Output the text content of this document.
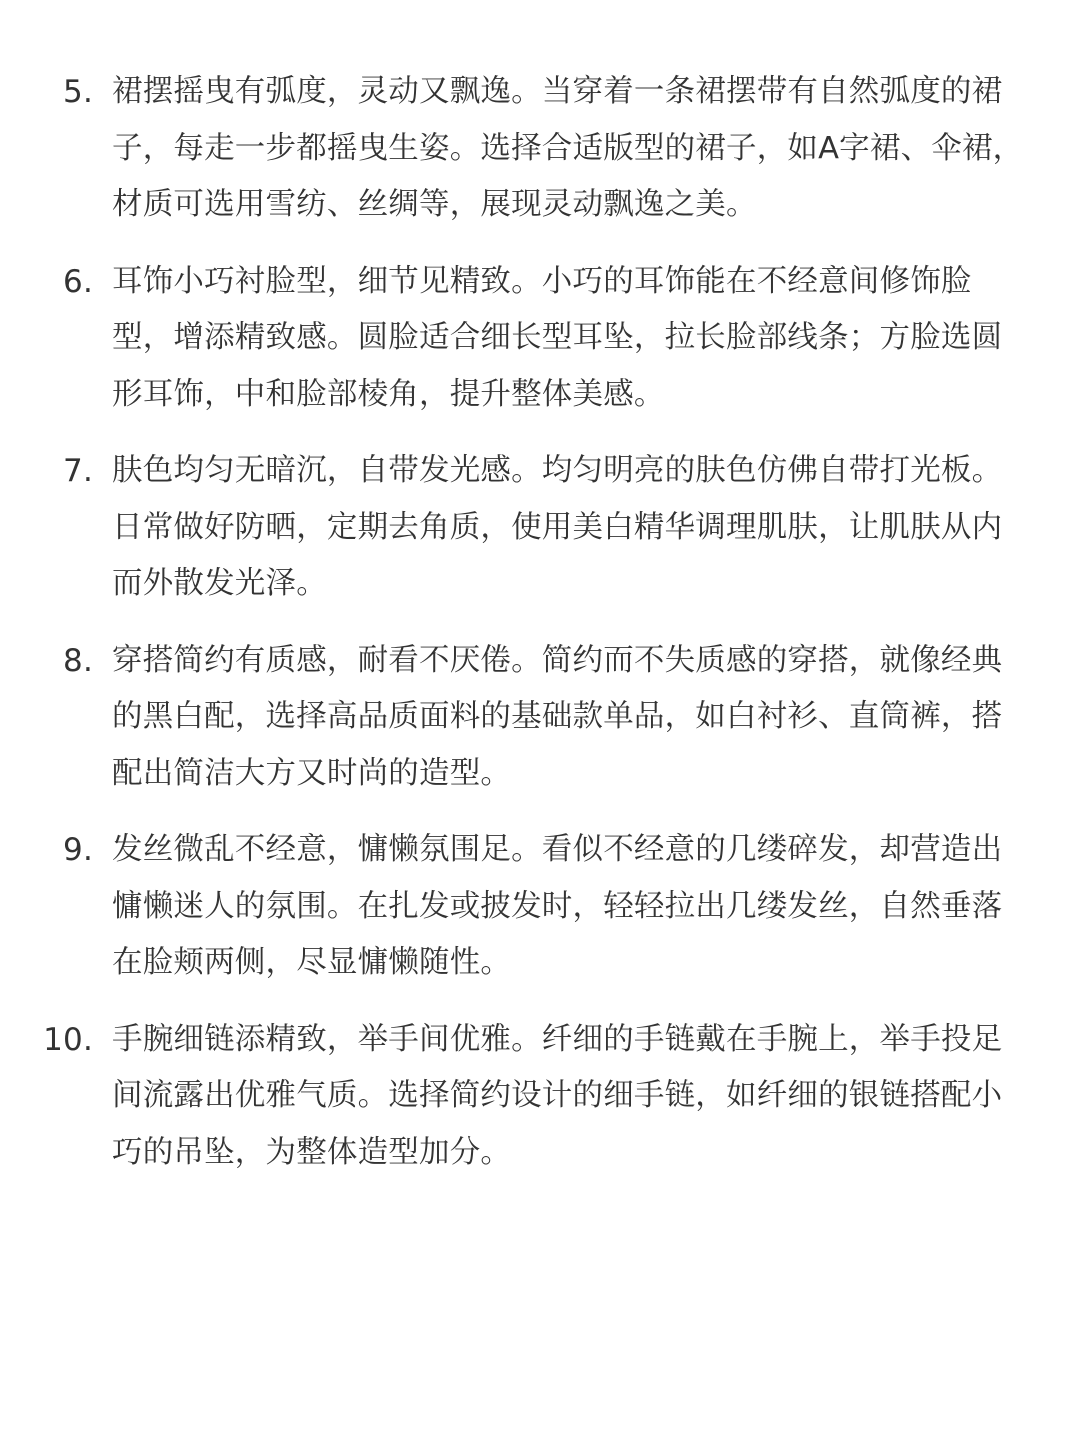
5. 裙摆摇曳有弧度，灵动又飘逸。当穿着一条裙摆带有自然弧度的裙子，每走一步都摇曳生姿。选择合适版型的裙子，如A字裙、伞裙，材质可选用雪纺、丝绸等，展现灵动飘逸之美。
6. 耳饰小巧衬脸型，细节见精致。小巧的耳饰能在不经意间修饰脸型，增添精致感。圆脸适合细长型耳坠，拉长脸部线条；方脸选圆形耳饰，中和脸部棱角，提升整体美感。
7. 肤色均匀无暗沉，自带发光感。均匀明亮的肤色仿佛自带打光板。日常做好防晒，定期去角质，使用美白精华调理肌肤，让肌肤从内而外散发光泽。
8. 穿搭简约有质感，耐看不厌倦。简约而不失质感的穿搭，就像经典的黑白配，选择高品质面料的基础款单品，如白衬衫、直筒裤，搭配出简洁大方又时尚的造型。
9. 发丝微乱不经意，慵懒氛围足。看似不经意的几缕碎发，却营造出慵懒迷人的氛围。在扎发或披发时，轻轻拉出几缕发丝，自然垂落在脸颊两侧，尽显慵懒随性。
10. 手腕细链添精致，举手间优雅。纤细的手链戴在手腕上，举手投足间流露出优雅气质。选择简约设计的细手链，如纤细的银链搭配小巧的吊坠，为整体造型加分。
